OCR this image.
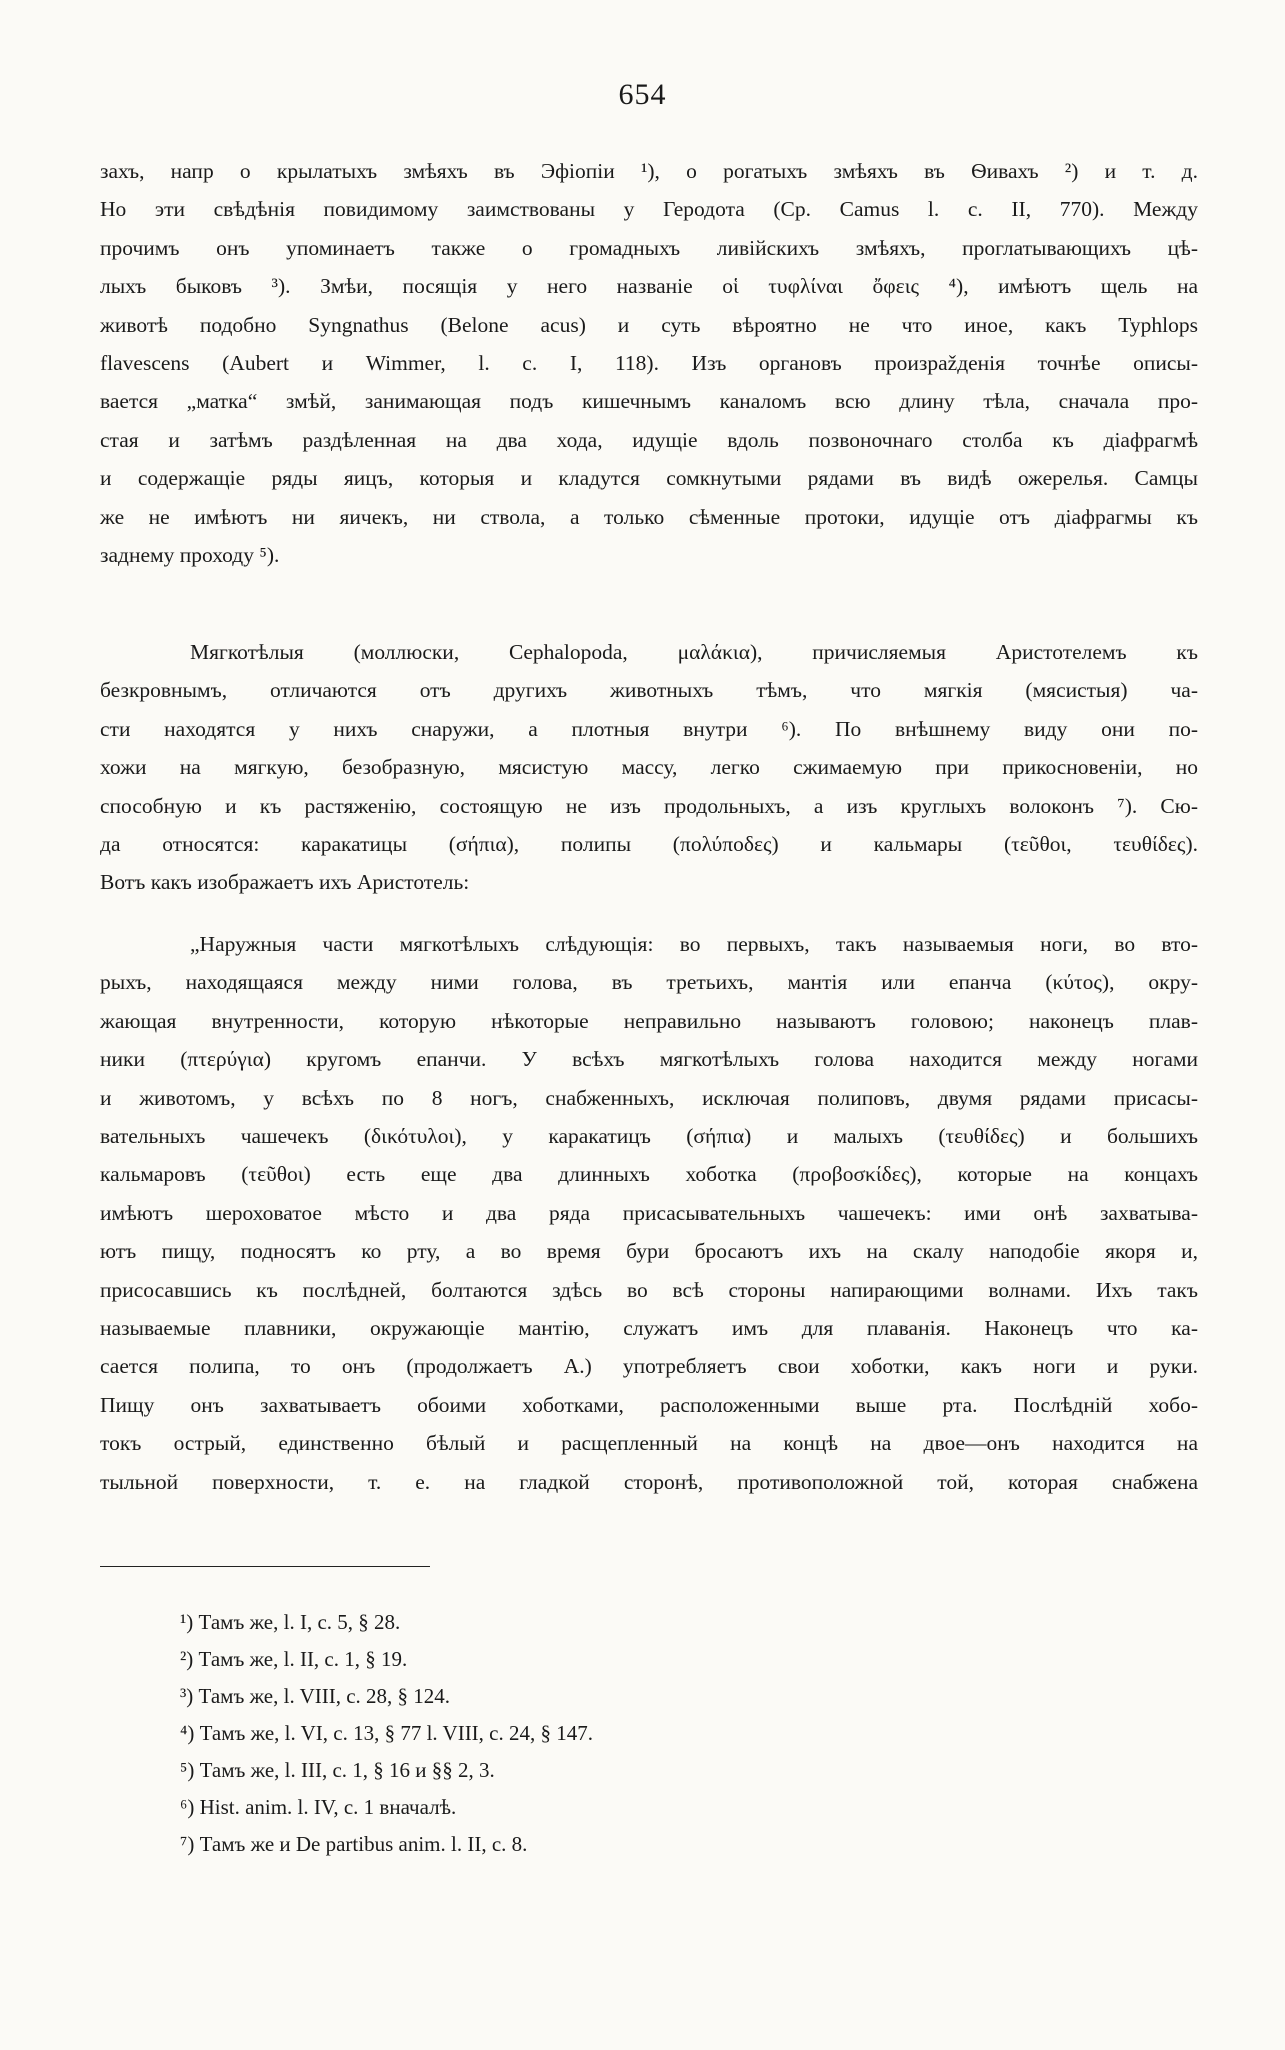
654
захъ, напр о крылатыхъ змѣяхъ въ Эфіопіи ¹), о рогатыхъ змѣяхъ въ Ѳивахъ ²) и т. д.
Но эти свѣдѣнія повидимому заимствованы у Геродота (Ср. Camus l. c. II, 770). Между
прочимъ онъ упоминаетъ также о громадныхъ ливійскихъ змѣяхъ, проглатывающихъ цѣ-
лыхъ быковъ ³). Змѣи, посящія у него названіе οἱ τυφλίναι ὄφεις ⁴), имѣютъ щель на
животѣ подобно Syngnathus (Belone acus) и суть вѣроятно не что иное, какъ Typhlops
flavescens (Aubert и Wimmer, l. c. I, 118). Изъ органовъ произрažденія точнѣе описы-
вается „матка“ змѣй, занимающая подъ кишечнымъ каналомъ всю длину тѣла, сначала про-
стая и затѣмъ раздѣленная на два хода, идущіе вдоль позвоночнаго столба къ діафрагмѣ
и содержащіе ряды яицъ, которыя и кладутся сомкнутыми рядами въ видѣ ожерелья. Самцы
же не имѣютъ ни яичекъ, ни ствола, а только сѣменные протоки, идущіе отъ діафрагмы къ
заднему проходу ⁵).
Мягкотѣлыя (моллюски, Cephalopoda, μαλάκια), причисляемыя Аристотелемъ къ
безкровнымъ, отличаются отъ другихъ животныхъ тѣмъ, что мягкія (мясистыя) ча-
сти находятся у нихъ снаружи, а плотныя внутри ⁶). По внѣшнему виду они по-
хожи на мягкую, безобразную, мясистую массу, легко сжимаемую при прикосновеніи, но
способную и къ растяженію, состоящую не изъ продольныхъ, а изъ круглыхъ волоконъ ⁷). Сю-
да относятся: каракатицы (σήπια), полипы (πολύποδες) и кальмары (τεῦθοι, τευθίδες).
Вотъ какъ изображаетъ ихъ Аристотель:
„Наружныя части мягкотѣлыхъ слѣдующія: во первыхъ, такъ называемыя ноги, во вто-
рыхъ, находящаяся между ними голова, въ третьихъ, мантія или епанча (κύτος), окру-
жающая внутренности, которую нѣкоторые неправильно называютъ головою; наконецъ плав-
ники (πτερύγια) кругомъ епанчи. У всѣхъ мягкотѣлыхъ голова находится между ногами
и животомъ, у всѣхъ по 8 ногъ, снабженныхъ, исключая полиповъ, двумя рядами присасы-
вательныхъ чашечекъ (δικότυλοι), у каракатицъ (σήπια) и малыхъ (τευθίδες) и большихъ
кальмаровъ (τεῦθοι) есть еще два длинныхъ хоботка (προβοσκίδες), которые на концахъ
имѣютъ шероховатое мѣсто и два ряда присасывательныхъ чашечекъ: ими онѣ захватыва-
ютъ пищу, подносятъ ко рту, а во время бури бросаютъ ихъ на скалу наподобіе якоря и,
присосавшись къ послѣдней, болтаются здѣсь во всѣ стороны напирающими волнами. Ихъ такъ
называемые плавники, окружающіе мантію, служатъ имъ для плаванія. Наконецъ что ка-
сается полипа, то онъ (продолжаетъ А.) употребляетъ свои хоботки, какъ ноги и руки.
Пищу онъ захватываетъ обоими хоботками, расположенными выше рта. Послѣдній хобо-
токъ острый, единственно бѣлый и расщепленный на концѣ на двое—онъ находится на
тыльной поверхности, т. е. на гладкой сторонѣ, противоположной той, которая снабжена
¹) Тамъ же, l. I, c. 5, § 28.
²) Тамъ же, l. II, c. 1, § 19.
³) Тамъ же, l. VIII, c. 28, § 124.
⁴) Тамъ же, l. VI, c. 13, § 77 l. VIII, c. 24, § 147.
⁵) Тамъ же, l. III, c. 1, § 16 и §§ 2, 3.
⁶) Hist. anim. l. IV, c. 1 вначалѣ.
⁷) Тамъ же и De partibus anim. l. II, c. 8.
